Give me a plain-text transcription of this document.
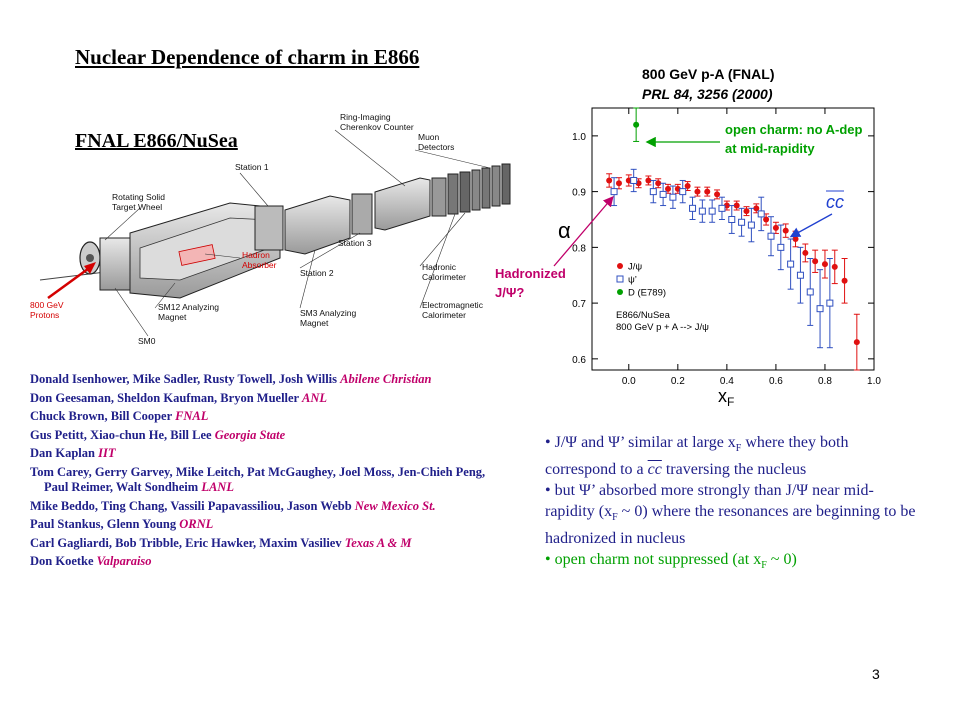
Nuclear Dependence of charm in E866
FNAL E866/NuSea
800 GeV p-A (FNAL)
PRL 84, 3256 (2000)
Rotating Solid
Target Wheel
Ring-Imaging
Cherenkov Counter
Station 1
Muon
Detectors
Hadron
Absorber
Station 2
Station 3
Hadronic
Calorimeter
Electromagnetic
Calorimeter
800 GeV
Protons
SM12 Analyzing
Magnet	SM3 Analyzing
Magnet
SM0
Donald Isenhower, Mike Sadler, Rusty Towell, Josh Willis Abilene Christian
Don Geesaman, Sheldon Kaufman, Bryon Mueller ANL
Chuck Brown, Bill Cooper FNAL
Gus Petitt, Xiao-chun He, Bill Lee Georgia State
Dan Kaplan IIT
Tom Carey, Gerry Garvey, Mike Leitch, Pat McGaughey, Joel Moss, Jen-Chieh Peng, Paul Reimer, Walt Sondheim LANL
Mike Beddo, Ting Chang, Vassili Papavassiliou, Jason Webb New Mexico St.
Paul Stankus, Glenn Young ORNL
Carl Gagliardi, Bob Tribble, Eric Hawker, Maxim Vasiliev Texas A & M
Don Koetke Valparaiso
0.0	0.2	0.4	0.6	0.8	1.0
0.6
0.7
0.8
0.9
1.0
J/ψ
ψ’
D (E789)
E866/NuSea
800 GeV p + A --> J/ψ
α
$x_F$
cc
open charm: no A-dep
at mid-rapidity
Hadronized
J/Ψ?
• J/Ψ and Ψ’ similar at large $x_F$ where they both correspond to a $\overline{cc}$ traversing the nucleus
• but Ψ’ absorbed more strongly than J/Ψ near mid-rapidity ($x_F$ ~ 0) where the resonances are beginning to be hadronized in nucleus
• open charm not suppressed (at $x_F$ ~ 0)
3
